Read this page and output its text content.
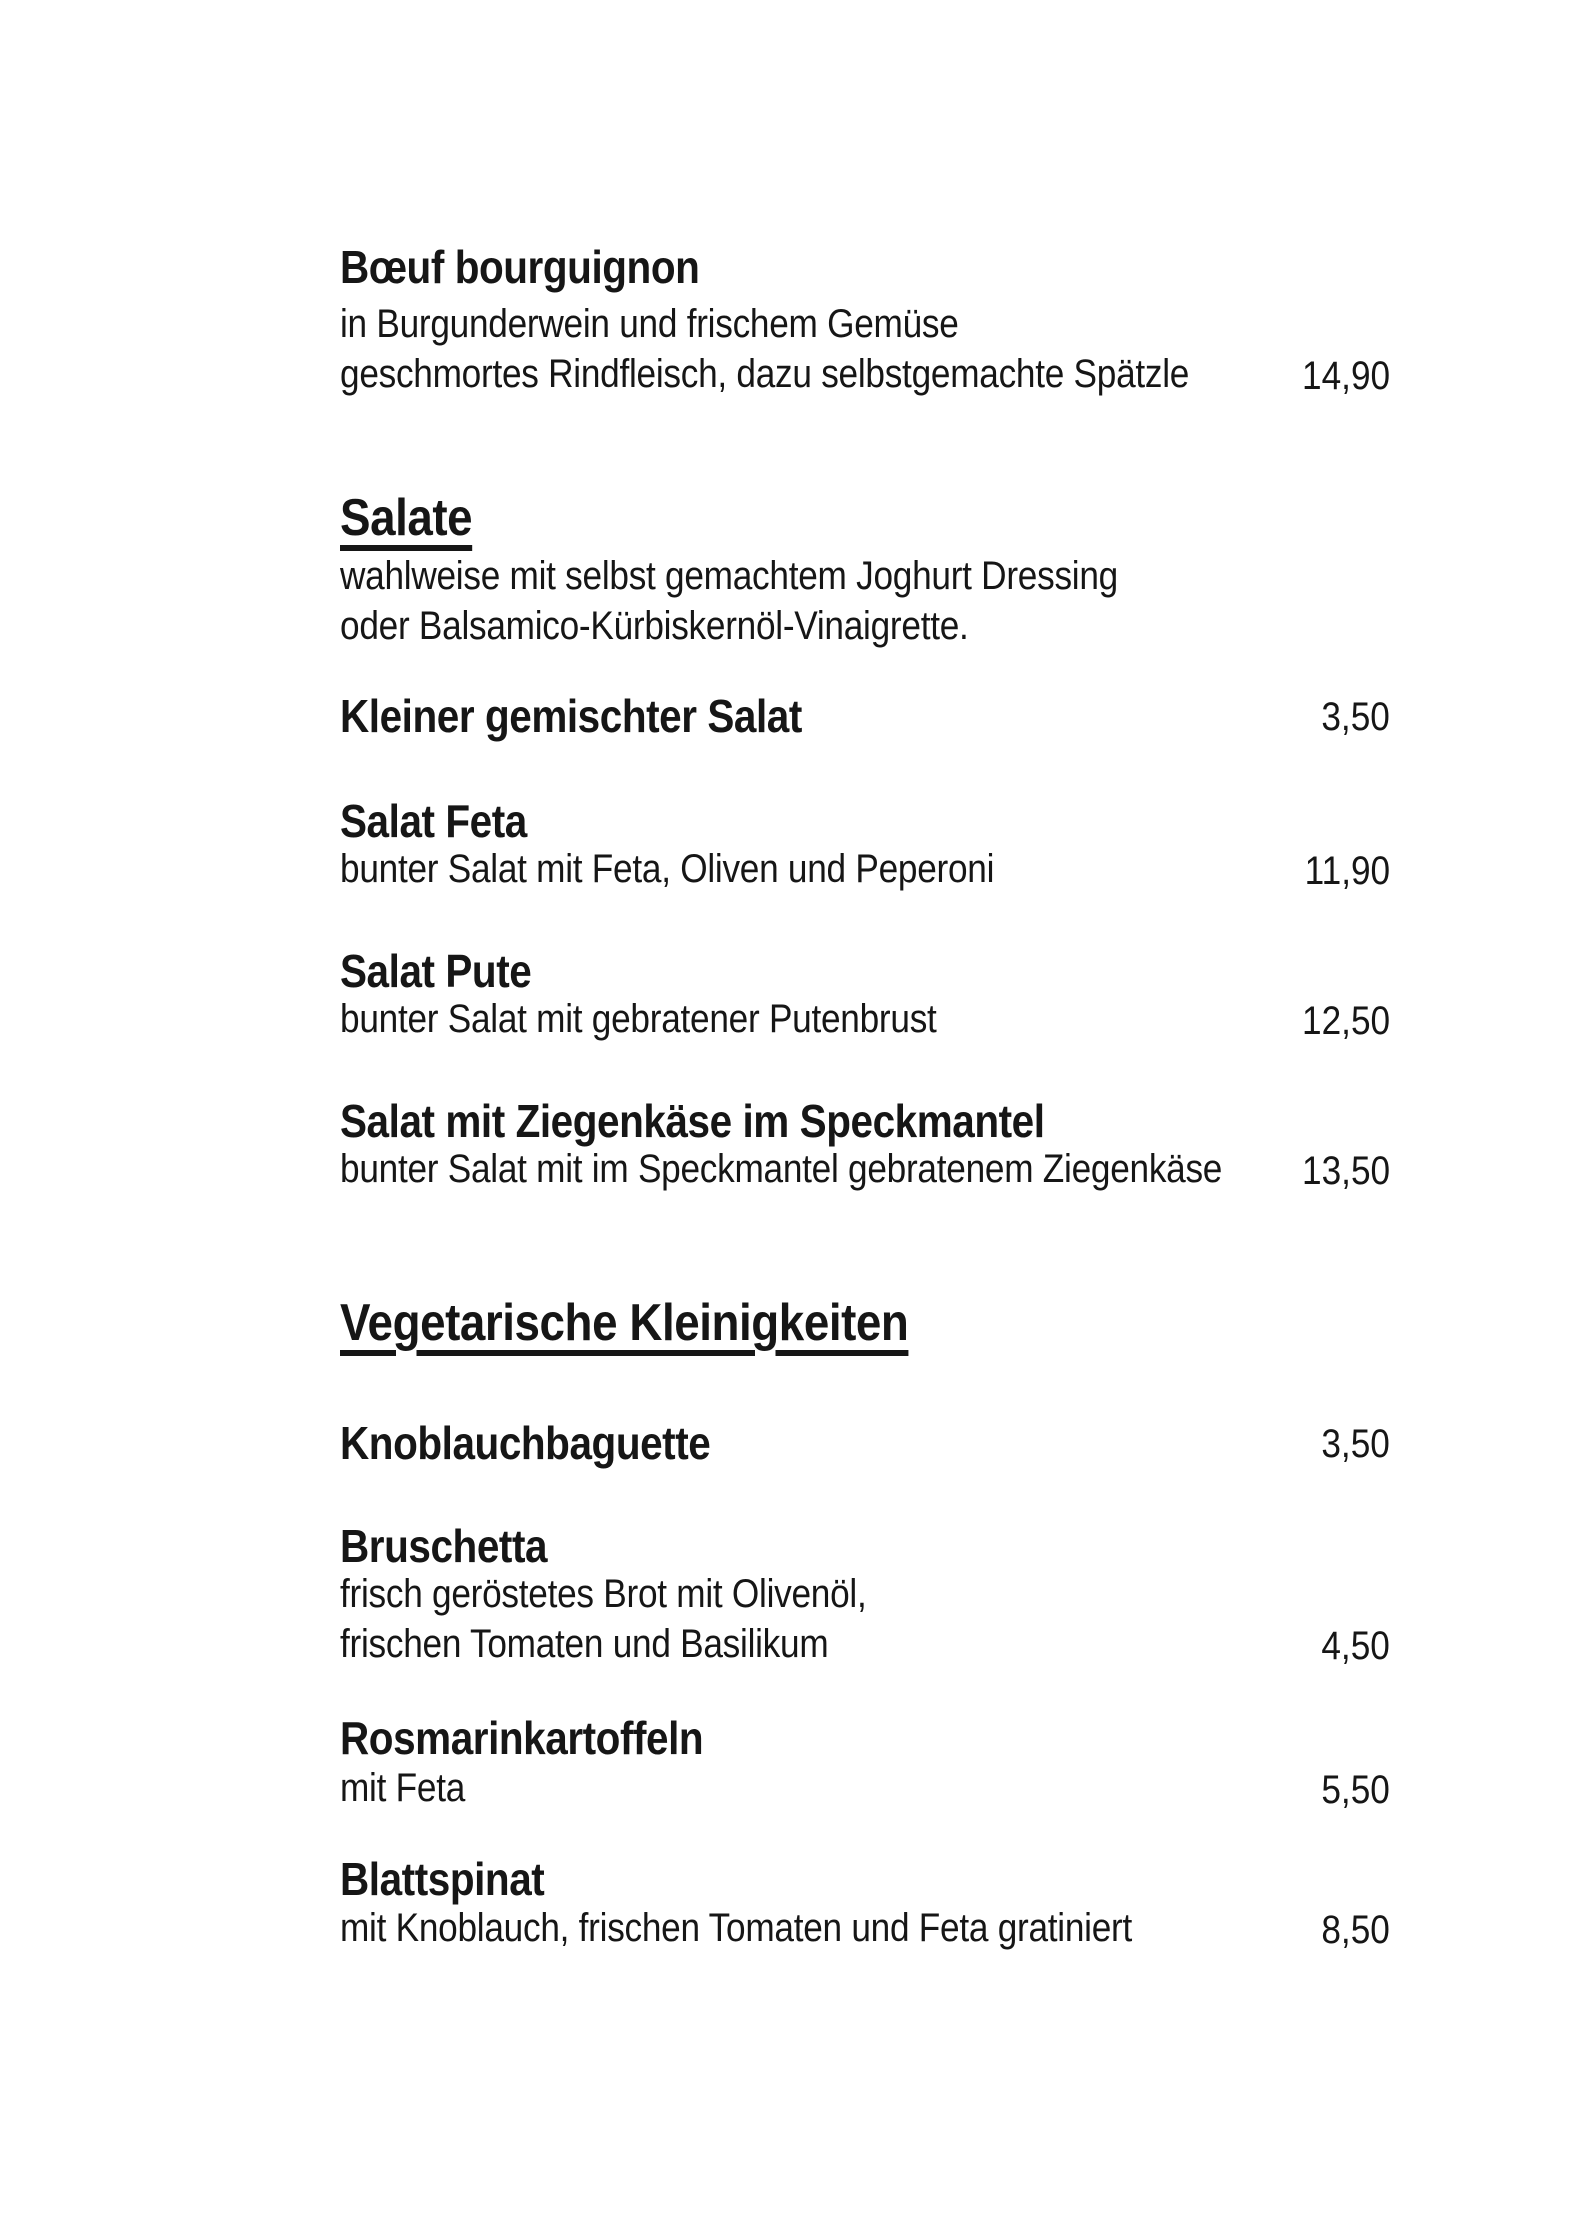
Bœuf bourguignon
in Burgunderwein und frischem Gemüse
geschmortes Rindfleisch, dazu selbstgemachte Spätzle	14,90
Salate
wahlweise mit selbst gemachtem Joghurt Dressing
oder Balsamico-Kürbiskernöl-Vinaigrette.
Kleiner gemischter Salat	3,50
Salat Feta
bunter Salat mit Feta, Oliven und Peperoni	11,90
Salat Pute
bunter Salat mit gebratener Putenbrust	12,50
Salat mit Ziegenkäse im Speckmantel
bunter Salat mit im Speckmantel gebratenem Ziegenkäse 13,50
Vegetarische Kleinigkeiten
Knoblauchbaguette	3,50
Bruschetta
frisch geröstetes Brot mit Olivenöl,
frischen Tomaten und Basilikum	4,50
Rosmarinkartoffeln
mit Feta	5,50
Blattspinat
mit Knoblauch, frischen Tomaten und Feta gratiniert	8,50
